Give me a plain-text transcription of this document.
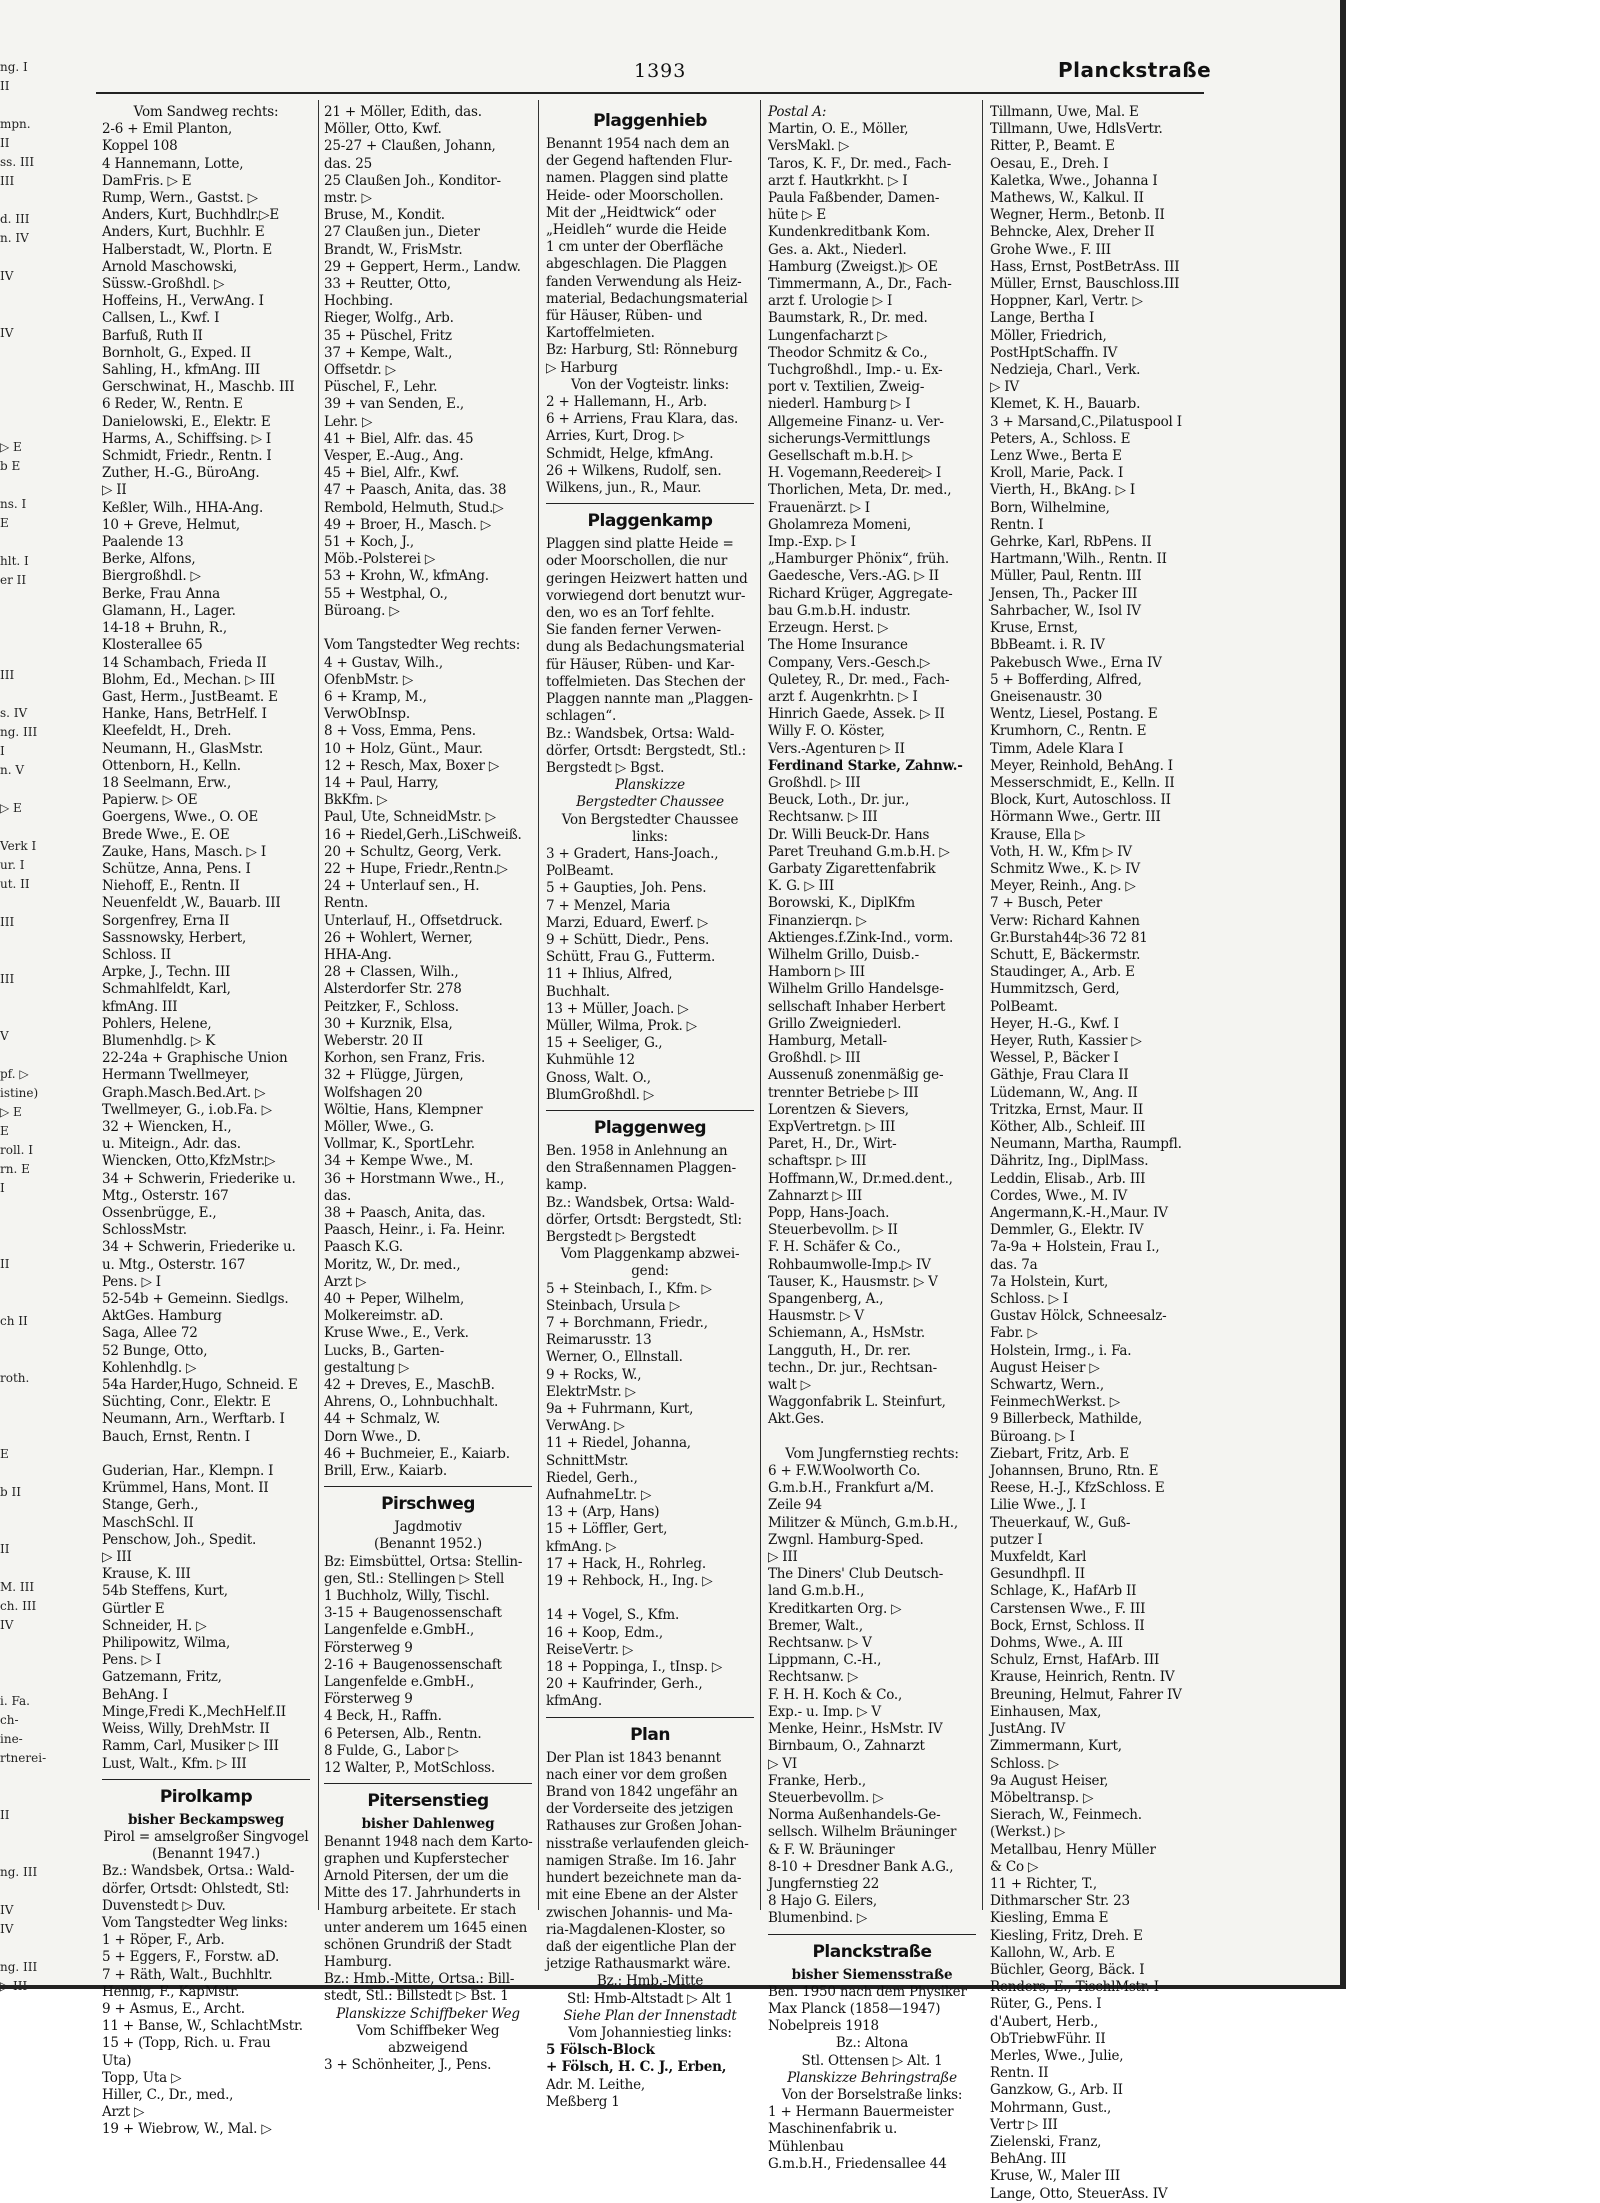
ng. I
II
mpn.
II
ss. III
III
d. III
n. IV
IV
IV
▷ E
b E
ns. I
E
hlt. I
er II
III
s. IV
ng. III
I
n. V
▷ E
Verk I
ur. I
ut. II
III
III
V
pf. ▷
istine)
▷ E
E
roll. I
rn. E
I
II
ch II
roth.
E
b II
II
M. III
ch. III
IV
i. Fa.
ch-
ine-
rtnerei-
II
ng. III
IV
IV
ng. III
▷ III
1393	Planckstraße
Vom Sandweg rechts:
2-6 + Emil Planton,
Koppel 108
4 Hannemann, Lotte,
DamFris. ▷ E
Rump, Wern., Gastst. ▷
Anders, Kurt, Buchhdlr.▷E
Anders, Kurt, Buchhlr. E
Halberstadt, W., Plortn. E
Arnold Maschowski,
Süssw.-Großhdl. ▷
Hoffeins, H., VerwAng. I
Callsen, L., Kwf. I
Barfuß, Ruth II
Bornholt, G., Exped. II
Sahling, H., kfmAng. III
Gerschwinat, H., Maschb. III
6 Reder, W., Rentn. E
Danielowski, E., Elektr. E
Harms, A., Schiffsing. ▷ I
Schmidt, Friedr., Rentn. I
Zuther, H.-G., BüroAng.
▷ II
Keßler, Wilh., HHA-Ang.
10 + Greve, Helmut,
Paalende 13
Berke, Alfons,
Biergroßhdl. ▷
Berke, Frau Anna
Glamann, H., Lager.
14-18 + Bruhn, R.,
Klosterallee 65
14 Schambach, Frieda II
Blohm, Ed., Mechan. ▷ III
Gast, Herm., JustBeamt. E
Hanke, Hans, BetrHelf. I
Kleefeldt, H., Dreh.
Neumann, H., GlasMstr.
Ottenborn, H., Kelln.
18 Seelmann, Erw.,
Papierw. ▷ OE
Goergens, Wwe., O. OE
Brede Wwe., E. OE
Zauke, Hans, Masch. ▷ I
Schütze, Anna, Pens. I
Niehoff, E., Rentn. II
Neuenfeldt ,W., Bauarb. III
Sorgenfrey, Erna II
Sassnowsky, Herbert,
Schloss. II
Arpke, J., Techn. III
Schmahlfeldt, Karl,
kfmAng. III
Pohlers, Helene,
Blumenhdlg. ▷ K
22-24a + Graphische Union
Hermann Twellmeyer,
Graph.Masch.Bed.Art. ▷
Twellmeyer, G., i.ob.Fa. ▷
32 + Wiencken, H.,
u. Miteign., Adr. das.
Wiencken, Otto,KfzMstr.▷
34 + Schwerin, Friederike u.
Mtg., Osterstr. 167
Ossenbrügge, E.,
SchlossMstr.
34 + Schwerin, Friederike u.
u. Mtg., Osterstr. 167
Pens. ▷ I
52-54b + Gemeinn. Siedlgs.
AktGes. Hamburg
Saga, Allee 72
52 Bunge, Otto,
Kohlenhdlg. ▷
54a Harder,Hugo, Schneid. E
Süchting, Conr., Elektr. E
Neumann, Arn., Werftarb. I
Bauch, Ernst, Rentn. I

Guderian, Har., Klempn. I
Krümmel, Hans, Mont. II
Stange, Gerh.,
MaschSchl. II
Penschow, Joh., Spedit.
▷ III
Krause, K. III
54b Steffens, Kurt,
Gürtler E
Schneider, H. ▷
Philipowitz, Wilma,
Pens. ▷ I
Gatzemann, Fritz,
BehAng. I
Minge,Fredi K.,MechHelf.II
Weiss, Willy, DrehMstr. II
Ramm, Carl, Musiker ▷ III
Lust, Walt., Kfm. ▷ III
Pirolkamp
bisher Beckampsweg
Pirol = amselgroßer Singvogel
(Benannt 1947.)
Bz.: Wandsbek, Ortsa.: Wald-
dörfer, Ortsdt: Ohlstedt, Stl:
Duvenstedt ▷ Duv.
Vom Tangstedter Weg links:
1 + Röper, F., Arb.
5 + Eggers, F., Forstw. aD.
7 + Räth, Walt., Buchhltr.
Hennig, F., KapMstr.
9 + Asmus, E., Archt.
11 + Banse, W., SchlachtMstr.
15 + (Topp, Rich. u. Frau
Uta)
Topp, Uta ▷
Hiller, C., Dr., med.,
Arzt ▷
19 + Wiebrow, W., Mal. ▷
21 + Möller, Edith, das.
Möller, Otto, Kwf.
25-27 + Claußen, Johann,
das. 25
25 Claußen Joh., Konditor-
mstr. ▷
Bruse, M., Kondit.
27 Claußen jun., Dieter
Brandt, W., FrisMstr.
29 + Geppert, Herm., Landw.
33 + Reutter, Otto,
Hochbing.
Rieger, Wolfg., Arb.
35 + Püschel, Fritz
37 + Kempe, Walt.,
Offsetdr. ▷
Püschel, F., Lehr.
39 + van Senden, E.,
Lehr. ▷
41 + Biel, Alfr. das. 45
Vesper, E.-Aug., Ang.
45 + Biel, Alfr., Kwf.
47 + Paasch, Anita, das. 38
Rembold, Helmuth, Stud.▷
49 + Broer, H., Masch. ▷
51 + Koch, J.,
Möb.-Polsterei ▷
53 + Krohn, W., kfmAng.
55 + Westphal, O.,
Büroang. ▷

Vom Tangstedter Weg rechts:
4 + Gustav, Wilh.,
OfenbMstr. ▷
6 + Kramp, M.,
VerwObInsp.
8 + Voss, Emma, Pens.
10 + Holz, Günt., Maur.
12 + Resch, Max, Boxer ▷
14 + Paul, Harry,
BkKfm. ▷
Paul, Ute, SchneidMstr. ▷
16 + Riedel,Gerh.,LiSchweiß.
20 + Schultz, Georg, Verk.
22 + Hupe, Friedr.,Rentn.▷
24 + Unterlauf sen., H.
Rentn.
Unterlauf, H., Offsetdruck.
26 + Wohlert, Werner,
HHA-Ang.
28 + Classen, Wilh.,
Alsterdorfer Str. 278
Peitzker, F., Schloss.
30 + Kurznik, Elsa,
Weberstr. 20 II
Korhon, sen Franz, Fris.
32 + Flügge, Jürgen,
Wolfshagen 20
Wöltie, Hans, Klempner
Möller, Wwe., G.
Vollmar, K., SportLehr.
34 + Kempe Wwe., M.
36 + Horstmann Wwe., H.,
das.
38 + Paasch, Anita, das.
Paasch, Heinr., i. Fa. Heinr.
Paasch K.G.
Moritz, W., Dr. med.,
Arzt ▷
40 + Peper, Wilhelm,
Molkereimstr. aD.
Kruse Wwe., E., Verk.
Lucks, B., Garten-
gestaltung ▷
42 + Dreves, E., MaschB.
Ahrens, O., Lohnbuchhalt.
44 + Schmalz, W.
Dorn Wwe., D.
46 + Buchmeier, E., Kaiarb.
Brill, Erw., Kaiarb.
Pirschweg
Jagdmotiv
(Benannt 1952.)
Bz: Eimsbüttel, Ortsa: Stellin-
gen, Stl.: Stellingen ▷ Stell
1 Buchholz, Willy, Tischl.
3-15 + Baugenossenschaft
Langenfelde e.GmbH.,
Försterweg 9
2-16 + Baugenossenschaft
Langenfelde e.GmbH.,
Försterweg 9
4 Beck, H., Raffn.
6 Petersen, Alb., Rentn.
8 Fulde, G., Labor ▷
12 Walter, P., MotSchloss.
Pitersenstieg
bisher Dahlenweg
Benannt 1948 nach dem Karto-
graphen und Kupferstecher
Arnold Pitersen, der um die
Mitte des 17. Jahrhunderts in
Hamburg arbeitete. Er stach
unter anderem um 1645 einen
schönen Grundriß der Stadt
Hamburg.
Bz.: Hmb.-Mitte, Ortsa.: Bill-
stedt, Stl.: Billstedt ▷ Bst. 1
Planskizze Schiffbeker Weg
Vom Schiffbeker Weg
abzweigend
3 + Schönheiter, J., Pens.
Plaggenhieb
Benannt 1954 nach dem an
der Gegend haftenden Flur-
namen. Plaggen sind platte
Heide- oder Moorschollen.
Mit der „Heidtwick“ oder
„Heidleh“ wurde die Heide
1 cm unter der Oberfläche
abgeschlagen. Die Plaggen
fanden Verwendung als Heiz-
material, Bedachungsmaterial
für Häuser, Rüben- und
Kartoffelmieten.
Bz: Harburg, Stl: Rönneburg
▷ Harburg
Von der Vogteistr. links:
2 + Hallemann, H., Arb.
6 + Arriens, Frau Klara, das.
Arries, Kurt, Drog. ▷
Schmidt, Helge, kfmAng.
26 + Wilkens, Rudolf, sen.
Wilkens, jun., R., Maur.
Plaggenkamp
Plaggen sind platte Heide =
oder Moorschollen, die nur
geringen Heizwert hatten und
vorwiegend dort benutzt wur-
den, wo es an Torf fehlte.
Sie fanden ferner Verwen-
dung als Bedachungsmaterial
für Häuser, Rüben- und Kar-
toffelmieten. Das Stechen der
Plaggen nannte man „Plaggen-
schlagen“.
Bz.: Wandsbek, Ortsa: Wald-
dörfer, Ortsdt: Bergstedt, Stl.:
Bergstedt ▷ Bgst.
Planskizze
Bergstedter Chaussee
Von Bergstedter Chaussee
links:
3 + Gradert, Hans-Joach.,
PolBeamt.
5 + Gaupties, Joh. Pens.
7 + Menzel, Maria
Marzi, Eduard, Ewerf. ▷
9 + Schütt, Diedr., Pens.
Schütt, Frau G., Futterm.
11 + Ihlius, Alfred,
Buchhalt.
13 + Müller, Joach. ▷
Müller, Wilma, Prok. ▷
15 + Seeliger, G.,
Kuhmühle 12
Gnoss, Walt. O.,
BlumGroßhdl. ▷
Plaggenweg
Ben. 1958 in Anlehnung an
den Straßennamen Plaggen-
kamp.
Bz.: Wandsbek, Ortsa: Wald-
dörfer, Ortsdt: Bergstedt, Stl:
Bergstedt ▷ Bergstedt
Vom Plaggenkamp abzwei-
gend:
5 + Steinbach, I., Kfm. ▷
Steinbach, Ursula ▷
7 + Borchmann, Friedr.,
Reimarusstr. 13
Werner, O., Ellnstall.
9 + Rocks, W.,
ElektrMstr. ▷
9a + Fuhrmann, Kurt,
VerwAng. ▷
11 + Riedel, Johanna,
SchnittMstr.
Riedel, Gerh.,
AufnahmeLtr. ▷
13 + (Arp, Hans)
15 + Löffler, Gert,
kfmAng. ▷
17 + Hack, H., Rohrleg.
19 + Rehbock, H., Ing. ▷

14 + Vogel, S., Kfm.
16 + Koop, Edm.,
ReiseVertr. ▷
18 + Poppinga, I., tInsp. ▷
20 + Kaufrinder, Gerh.,
kfmAng.
Plan
Der Plan ist 1843 benannt
nach einer vor dem großen
Brand von 1842 ungefähr an
der Vorderseite des jetzigen
Rathauses zur Großen Johan-
nisstraße verlaufenden gleich-
namigen Straße. Im 16. Jahr
hundert bezeichnete man da-
mit eine Ebene an der Alster
zwischen Johannis- und Ma-
ria-Magdalenen-Kloster, so
daß der eigentliche Plan der
jetzige Rathausmarkt wäre.
Bz.: Hmb.-Mitte
Stl: Hmb-Altstadt ▷ Alt 1
Siehe Plan der Innenstadt
Vom Johanniestieg links:
5 Fölsch-Block
+ Fölsch, H. C. J., Erben,
Adr. M. Leithe,
Meßberg 1
Postal A:
Martin, O. E., Möller,
VersMakl. ▷
Taros, K. F., Dr. med., Fach-
arzt f. Hautkrkht. ▷ I
Paula Faßbender, Damen-
hüte ▷ E
Kundenkreditbank Kom.
Ges. a. Akt., Niederl.
Hamburg (Zweigst.)▷ OE
Timmermann, A., Dr., Fach-
arzt f. Urologie ▷ I
Baumstark, R., Dr. med.
Lungenfacharzt ▷
Theodor Schmitz & Co.,
Tuchgroßhdl., Imp.- u. Ex-
port v. Textilien, Zweig-
niederl. Hamburg ▷ I
Allgemeine Finanz- u. Ver-
sicherungs-Vermittlungs
Gesellschaft m.b.H. ▷
H. Vogemann,Reederei▷ I
Thorlichen, Meta, Dr. med.,
Frauenärzt. ▷ I
Gholamreza Momeni,
Imp.-Exp. ▷ I
„Hamburger Phönix“, früh.
Gaedesche, Vers.-AG. ▷ II
Richard Krüger, Aggregate-
bau G.m.b.H. industr.
Erzeugn. Herst. ▷
The Home Insurance
Company, Vers.-Gesch.▷
Quletey, R., Dr. med., Fach-
arzt f. Augenkrhtn. ▷ I
Hinrich Gaede, Assek. ▷ II
Willy F. O. Köster,
Vers.-Agenturen ▷ II
Ferdinand Starke, Zahnw.-
Großhdl. ▷ III
Beuck, Loth., Dr. jur.,
Rechtsanw. ▷ III
Dr. Willi Beuck-Dr. Hans
Paret Treuhand G.m.b.H. ▷
Garbaty Zigarettenfabrik
K. G. ▷ III
Borowski, K., DiplKfm
Finanzierqn. ▷
Aktienges.f.Zink-Ind., vorm.
Wilhelm Grillo, Duisb.-
Hamborn ▷ III
Wilhelm Grillo Handelsge-
sellschaft Inhaber Herbert
Grillo Zweigniederl.
Hamburg, Metall-
Großhdl. ▷ III
Aussenuß zonenmäßig ge-
trennter Betriebe ▷ III
Lorentzen & Sievers,
ExpVertretgn. ▷ III
Paret, H., Dr., Wirt-
schaftspr. ▷ III
Hoffmann,W., Dr.med.dent.,
Zahnarzt ▷ III
Popp, Hans-Joach.
Steuerbevollm. ▷ II
F. H. Schäfer & Co.,
Rohbaumwolle-Imp.▷ IV
Tauser, K., Hausmstr. ▷ V
Spangenberg, A.,
Hausmstr. ▷ V
Schiemann, A., HsMstr.
Langguth, H., Dr. rer.
techn., Dr. jur., Rechtsan-
walt ▷
Waggonfabrik L. Steinfurt,
Akt.Ges.

Vom Jungfernstieg rechts:
6 + F.W.Woolworth Co.
G.m.b.H., Frankfurt a/M.
Zeile 94
Militzer & Münch, G.m.b.H.,
Zwgnl. Hamburg-Sped.
▷ III
The Diners' Club Deutsch-
land G.m.b.H.,
Kreditkarten Org. ▷
Bremer, Walt.,
Rechtsanw. ▷ V
Lippmann, C.-H.,
Rechtsanw. ▷
F. H. H. Koch & Co.,
Exp.- u. Imp. ▷ V
Menke, Heinr., HsMstr. IV
Birnbaum, O., Zahnarzt
▷ VI
Franke, Herb.,
Steuerbevollm. ▷
Norma Außenhandels-Ge-
sellsch. Wilhelm Bräuninger
& F. W. Bräuninger
8-10 + Dresdner Bank A.G.,
Jungfernstieg 22
8 Hajo G. Eilers,
Blumenbind. ▷
Planckstraße
bisher Siemensstraße
Ben. 1950 nach dem Physiker
Max Planck (1858—1947)
Nobelpreis 1918
Bz.: Altona
Stl. Ottensen ▷ Alt. 1
Planskizze Behringstraße
Von der Borselstraße links:
1 + Hermann Bauermeister
Maschinenfabrik u.
Mühlenbau
G.m.b.H., Friedensallee 44
Tillmann, Uwe, Mal. E
Tillmann, Uwe, HdlsVertr.
Ritter, P., Beamt. E
Oesau, E., Dreh. I
Kaletka, Wwe., Johanna I
Mathews, W., Kalkul. II
Wegner, Herm., Betonb. II
Behncke, Alex, Dreher II
Grohe Wwe., F. III
Hass, Ernst, PostBetrAss. III
Müller, Ernst, Bauschloss.III
Hoppner, Karl, Vertr. ▷
Lange, Bertha I
Möller, Friedrich,
PostHptSchaffn. IV
Nedzieja, Charl., Verk.
▷ IV
Klemet, K. H., Bauarb.
3 + Marsand,C.,Pilatuspool I
Peters, A., Schloss. E
Lenz Wwe., Berta E
Kroll, Marie, Pack. I
Vierth, H., BkAng. ▷ I
Born, Wilhelmine,
Rentn. I
Gehrke, Karl, RbPens. II
Hartmann,'Wilh., Rentn. II
Müller, Paul, Rentn. III
Jensen, Th., Packer III
Sahrbacher, W., Isol IV
Kruse, Ernst,
BbBeamt. i. R. IV
Pakebusch Wwe., Erna IV
5 + Bofferding, Alfred,
Gneisenaustr. 30
Wentz, Liesel, Postang. E
Krumhorn, C., Rentn. E
Timm, Adele Klara I
Meyer, Reinhold, BehAng. I
Messerschmidt, E., Kelln. II
Block, Kurt, Autoschloss. II
Hörmann Wwe., Gertr. III
Krause, Ella ▷
Voth, H. W., Kfm ▷ IV
Schmitz Wwe., K. ▷ IV
Meyer, Reinh., Ang. ▷
7 + Busch, Peter
Verw: Richard Kahnen
Gr.Burstah44▷36 72 81
Schutt, E, Bäckermstr.
Staudinger, A., Arb. E
Hummitzsch, Gerd,
PolBeamt.
Heyer, H.-G., Kwf. I
Heyer, Ruth, Kassier ▷
Wessel, P., Bäcker I
Gäthje, Frau Clara II
Lüdemann, W., Ang. II
Tritzka, Ernst, Maur. II
Köther, Alb., Schleif. III
Neumann, Martha, Raumpfl.
Dähritz, Ing., DiplMass.
Leddin, Elisab., Arb. III
Cordes, Wwe., M. IV
Angermann,K.-H.,Maur. IV
Demmler, G., Elektr. IV
7a-9a + Holstein, Frau I.,
das. 7a
7a Holstein, Kurt,
Schloss. ▷ I
Gustav Hölck, Schneesalz-
Fabr. ▷
Holstein, Irmg., i. Fa.
August Heiser ▷
Schwartz, Wern.,
FeinmechWerkst. ▷
9 Billerbeck, Mathilde,
Büroang. ▷ I
Ziebart, Fritz, Arb. E
Johannsen, Bruno, Rtn. E
Reese, H.-J., KfzSchloss. E
Lilie Wwe., J. I
Theuerkauf, W., Guß-
putzer I
Muxfeldt, Karl
Gesundhpfl. II
Schlage, K., HafArb II
Carstensen Wwe., F. III
Bock, Ernst, Schloss. II
Dohms, Wwe., A. III
Schulz, Ernst, HafArb. III
Krause, Heinrich, Rentn. IV
Breuning, Helmut, Fahrer IV
Einhausen, Max,
JustAng. IV
Zimmermann, Kurt,
Schloss. ▷
9a August Heiser,
Möbeltransp. ▷
Sierach, W., Feinmech.
(Werkst.) ▷
Metallbau, Henry Müller
& Co ▷
11 + Richter, T.,
Dithmarscher Str. 23
Kiesling, Emma E
Kiesling, Fritz, Dreh. E
Kallohn, W., Arb. E
Büchler, Georg, Bäck. I
Renders, E., TischlMstr. I
Rüter, G., Pens. I
d'Aubert, Herb.,
ObTriebwFühr. II
Merles, Wwe., Julie,
Rentn. II
Ganzkow, G., Arb. II
Mohrmann, Gust.,
Vertr ▷ III
Zielenski, Franz,
BehAng. III
Kruse, W., Maler III
Lange, Otto, SteuerAss. IV
